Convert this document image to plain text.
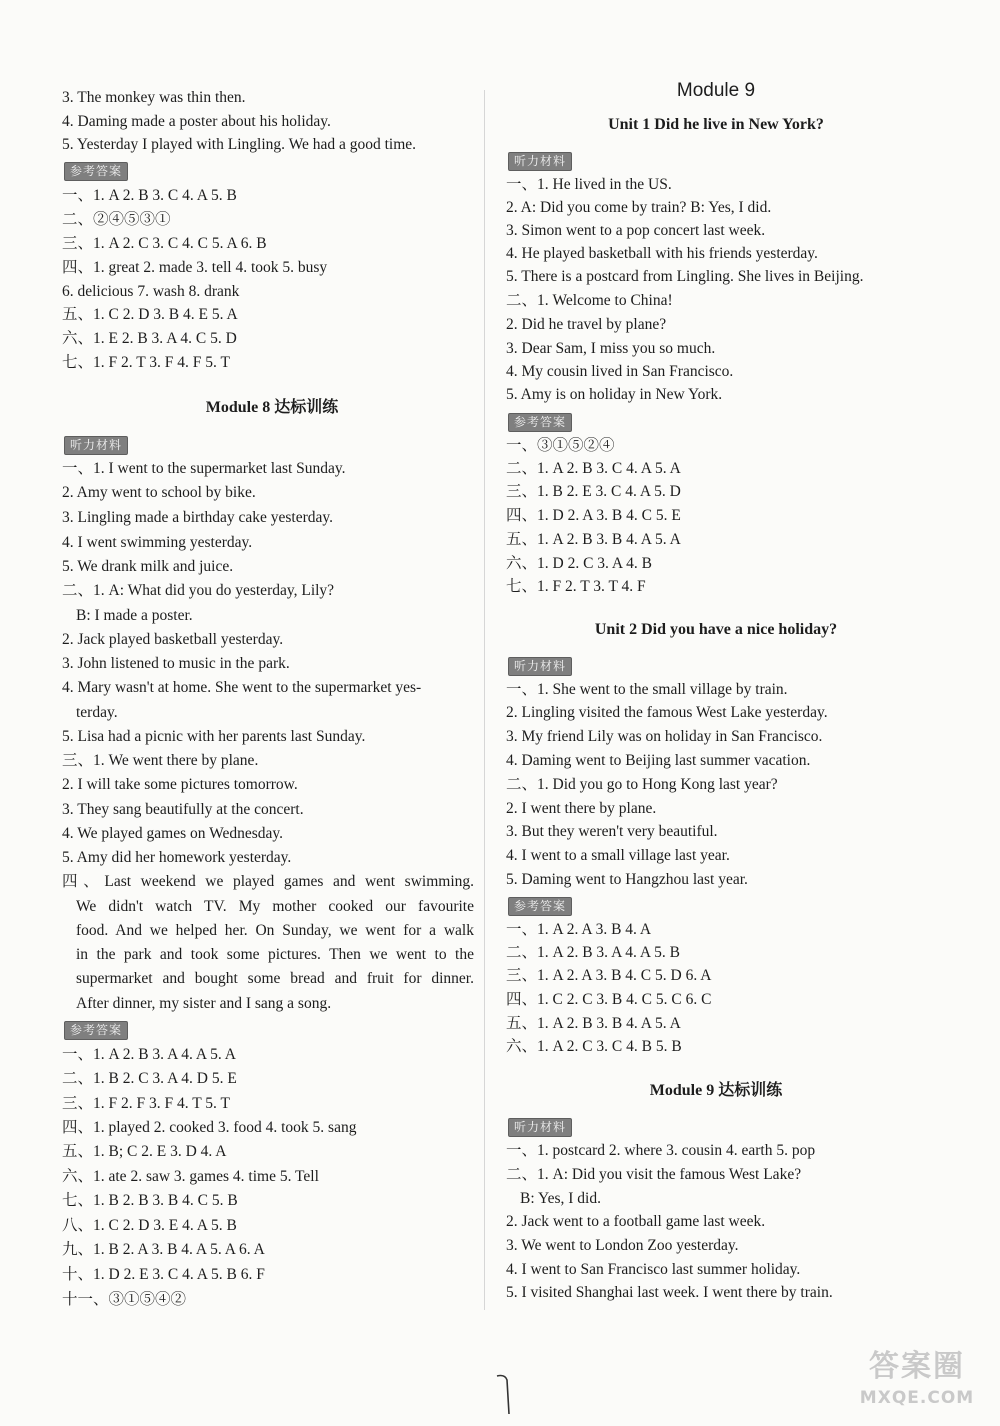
3. The monkey was thin then.
4. Daming made a poster about his holiday.
5. Yesterday I played with Lingling. We had a good time.
参考答案
一、1. A 2. B 3. C 4. A 5. B
二、②④⑤③①
三、1. A 2. C 3. C 4. C 5. A 6. B
四、1. great 2. made 3. tell 4. took 5. busy
6. delicious 7. wash 8. drank
五、1. C 2. D 3. B 4. E 5. A
六、1. E 2. B 3. A 4. C 5. D
七、1. F 2. T 3. F 4. F 5. T
Module 8 达标训练
听力材料
一、1. I went to the supermarket last Sunday.
2. Amy went to school by bike.
3. Lingling made a birthday cake yesterday.
4. I went swimming yesterday.
5. We drank milk and juice.
二、1. A: What did you do yesterday, Lily?
B: I made a poster.
2. Jack played basketball yesterday.
3. John listened to music in the park.
4. Mary wasn't at home. She went to the supermarket yes-
terday.
5. Lisa had a picnic with her parents last Sunday.
三、1. We went there by plane.
2. I will take some pictures tomorrow.
3. They sang beautifully at the concert.
4. We played games on Wednesday.
5. Amy did her homework yesterday.
四、Last weekend we played games and went swimming.
We didn't watch TV. My mother cooked our favourite
food. And we helped her. On Sunday, we went for a walk
in the park and took some pictures. Then we went to the
supermarket and bought some bread and fruit for dinner.
After dinner, my sister and I sang a song.
参考答案
一、1. A 2. B 3. A 4. A 5. A
二、1. B 2. C 3. A 4. D 5. E
三、1. F 2. F 3. F 4. T 5. T
四、1. played 2. cooked 3. food 4. took 5. sang
五、1. B; C 2. E 3. D 4. A
六、1. ate 2. saw 3. games 4. time 5. Tell
七、1. B 2. B 3. B 4. C 5. B
八、1. C 2. D 3. E 4. A 5. B
九、1. B 2. A 3. B 4. A 5. A 6. A
十、1. D 2. E 3. C 4. A 5. B 6. F
十一、③①⑤④②
Module 9
Unit 1 Did he live in New York?
听力材料
一、1. He lived in the US.
2. A: Did you come by train? B: Yes, I did.
3. Simon went to a pop concert last week.
4. He played basketball with his friends yesterday.
5. There is a postcard from Lingling. She lives in Beijing.
二、1. Welcome to China!
2. Did he travel by plane?
3. Dear Sam, I miss you so much.
4. My cousin lived in San Francisco.
5. Amy is on holiday in New York.
参考答案
一、③①⑤②④
二、1. A 2. B 3. C 4. A 5. A
三、1. B 2. E 3. C 4. A 5. D
四、1. D 2. A 3. B 4. C 5. E
五、1. A 2. B 3. B 4. A 5. A
六、1. D 2. C 3. A 4. B
七、1. F 2. T 3. T 4. F
Unit 2 Did you have a nice holiday?
听力材料
一、1. She went to the small village by train.
2. Lingling visited the famous West Lake yesterday.
3. My friend Lily was on holiday in San Francisco.
4. Daming went to Beijing last summer vacation.
二、1. Did you go to Hong Kong last year?
2. I went there by plane.
3. But they weren't very beautiful.
4. I went to a small village last year.
5. Daming went to Hangzhou last year.
参考答案
一、1. A 2. A 3. B 4. A
二、1. A 2. B 3. A 4. A 5. B
三、1. A 2. A 3. B 4. C 5. D 6. A
四、1. C 2. C 3. B 4. C 5. C 6. C
五、1. A 2. B 3. B 4. A 5. A
六、1. A 2. C 3. C 4. B 5. B
Module 9 达标训练
听力材料
一、1. postcard 2. where 3. cousin 4. earth 5. pop
二、1. A: Did you visit the famous West Lake?
B: Yes, I did.
2. Jack went to a football game last week.
3. We went to London Zoo yesterday.
4. I went to San Francisco last summer holiday.
5. I visited Shanghai last week. I went there by train.
答案圈
MXQE.COM
